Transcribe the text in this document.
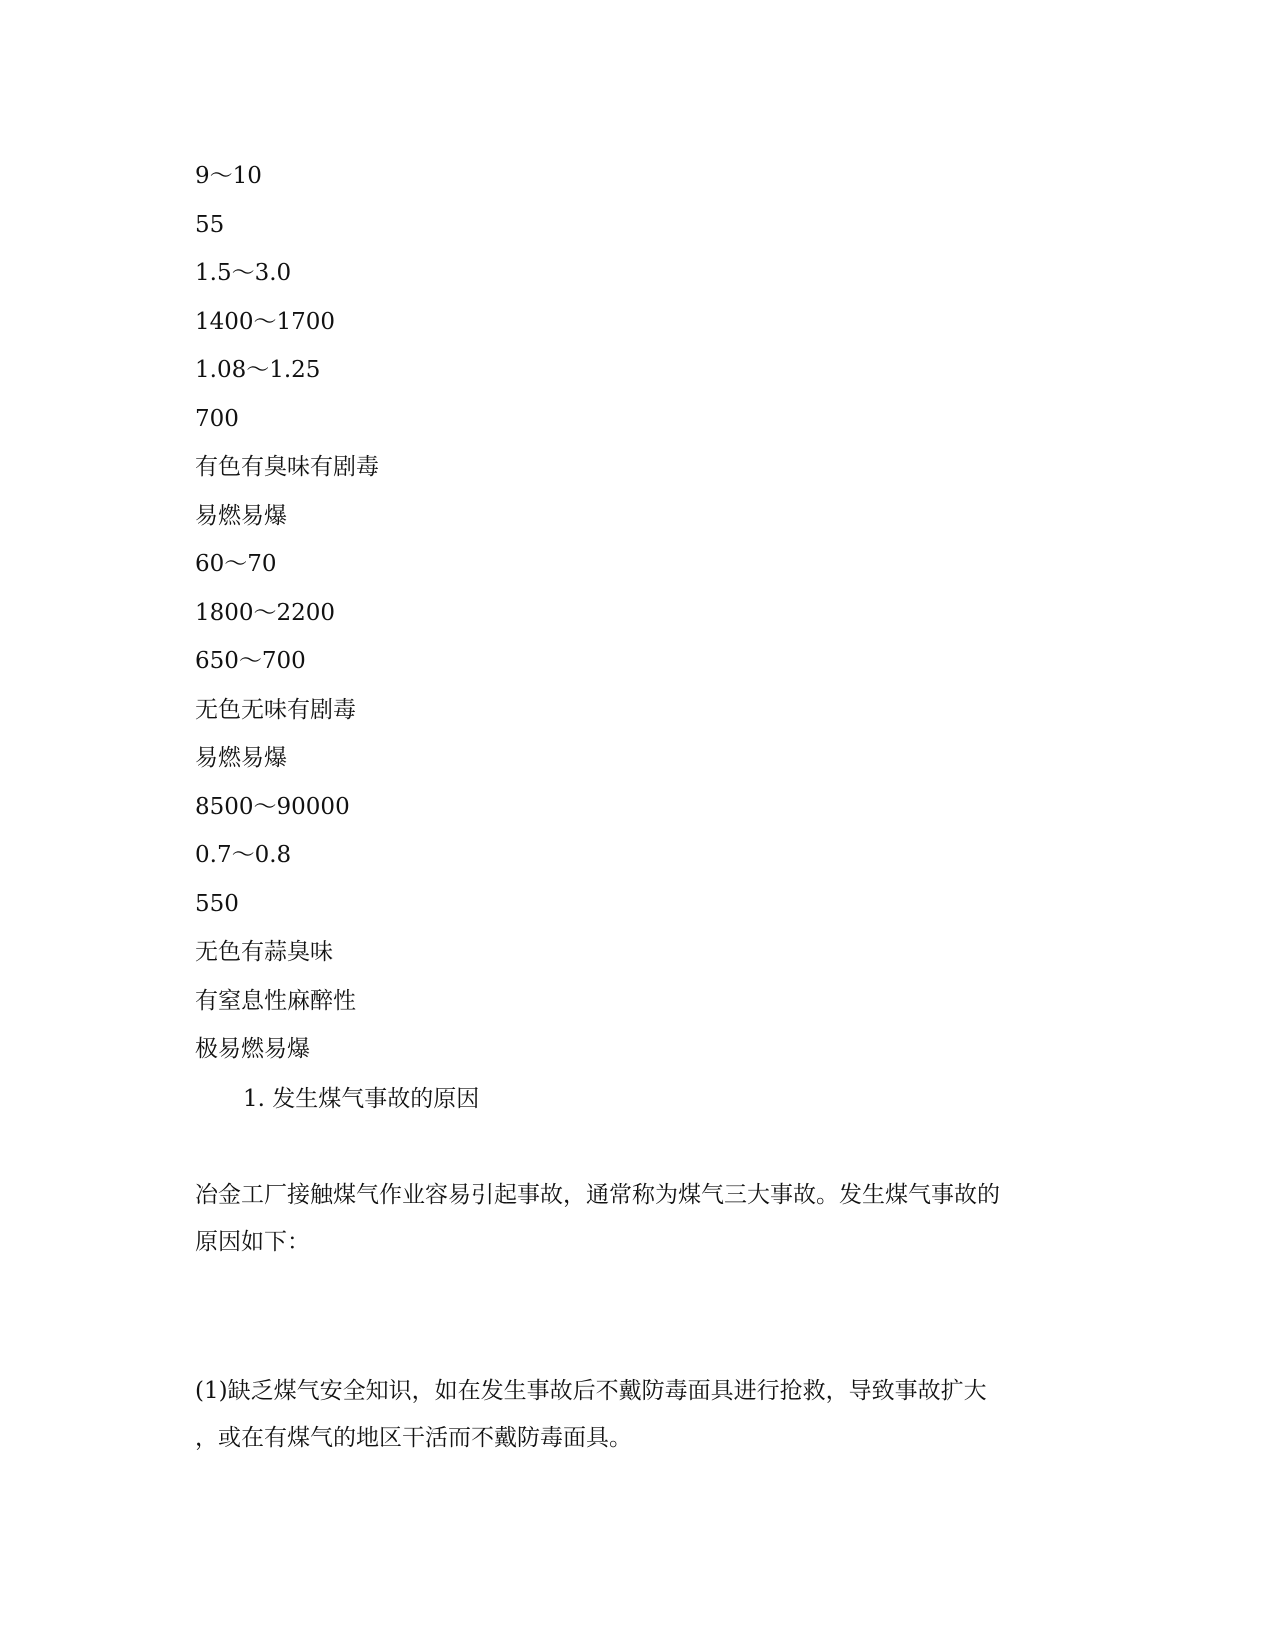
9～10
55
1.5～3.0
1400～1700
1.08～1.25
700
有色有臭味有剧毒
易燃易爆
60～70
1800～2200
650～700
无色无味有剧毒
易燃易爆
8500～90000
0.7～0.8
550
无色有蒜臭味
有窒息性麻醉性
极易燃易爆
1. 发生煤气事故的原因
冶金工厂接触煤气作业容易引起事故，通常称为煤气三大事故。发生煤气事故的
原因如下：
(1)缺乏煤气安全知识，如在发生事故后不戴防毒面具进行抢救，导致事故扩大
，或在有煤气的地区干活而不戴防毒面具。
